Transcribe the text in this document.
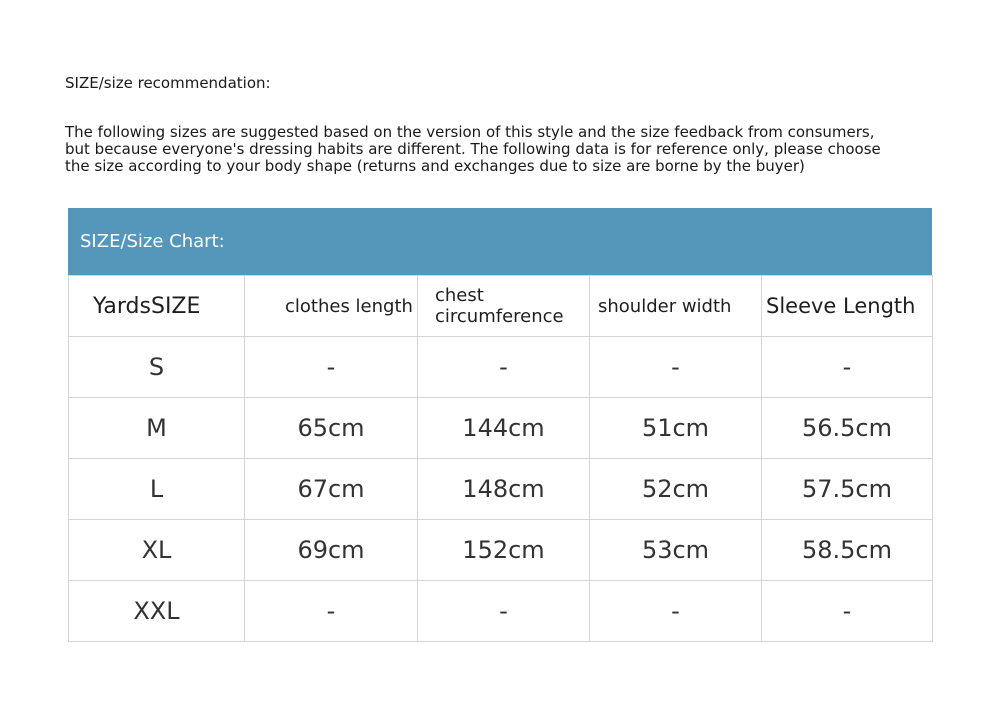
SIZE/size recommendation:
The following sizes are suggested based on the version of this style and the size feedback from consumers,
but because everyone's dressing habits are different. The following data is for reference only, please choose
the size according to your body shape (returns and exchanges due to size are borne by the buyer)
SIZE/Size Chart:
YardsSIZE	clothes length	chest circumference	shoulder width	Sleeve Length
S	-	-	-	-
M	65cm	144cm	51cm	56.5cm
L	67cm	148cm	52cm	57.5cm
XL	69cm	152cm	53cm	58.5cm
XXL	-	-	-	-
